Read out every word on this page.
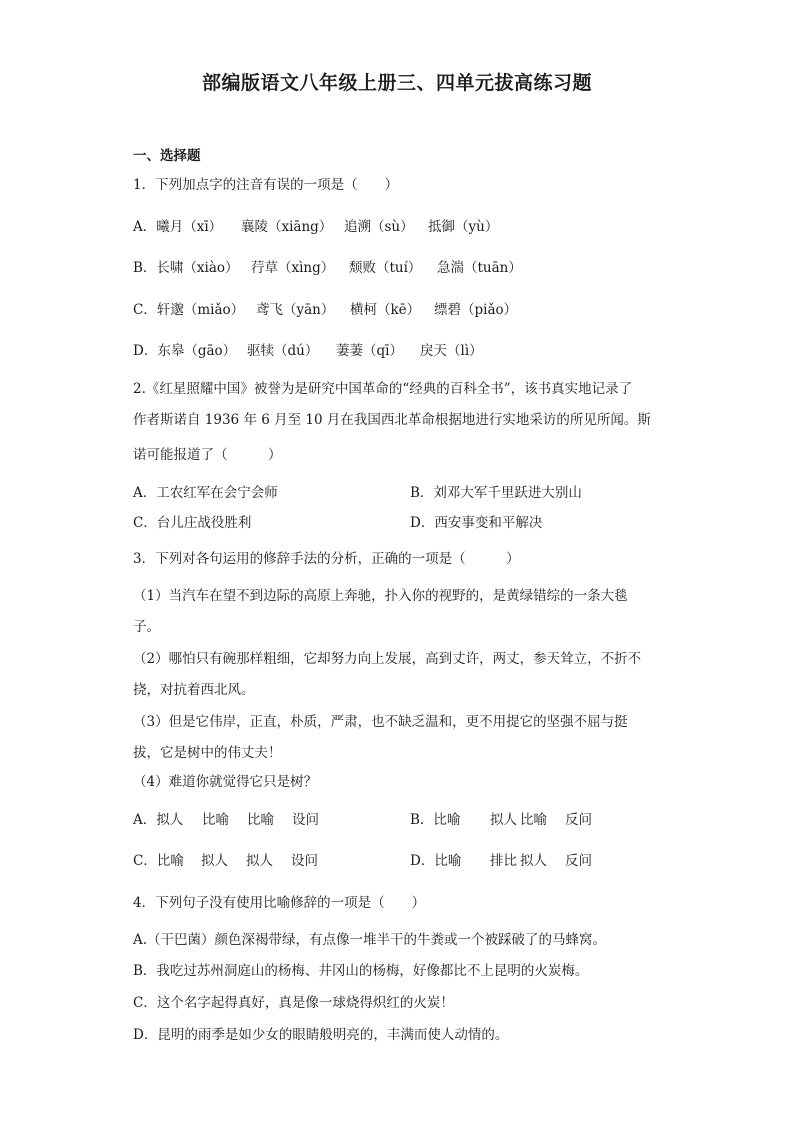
部编版语文八年级上册三、四单元拔高练习题
一、选择题
1．下列加点字的注音有误的一项是（　　）
A．曦月（xī） 襄陵（xiāng） 追溯（sù） 抵御（yù）
B．长啸（xiào） 荇草（xìng） 颓败（tuí） 急湍（tuān）
C．轩邈（miǎo） 鸢飞（yān） 横柯（kē） 缥碧（piǎo）
D．东皋（gāo） 驱犊（dú） 萋萋（qī） 戾天（lì）
2.《红星照耀中国》被誉为是研究中国革命的“经典的百科全书”，该书真实地记录了
作者斯诺自 1936 年 6 月至 10 月在我国西北革命根据地进行实地采访的所见所闻。斯
诺可能报道了（　　　）
A．工农红军在会宁会师	B．刘邓大军千里跃进大别山
C．台儿庄战役胜利	D．西安事变和平解决
3．下列对各句运用的修辞手法的分析，正确的一项是（　　　）
（1）当汽车在望不到边际的高原上奔驰，扑入你的视野的，是黄绿错综的一条大毯
子。
（2）哪怕只有碗那样粗细，它却努力向上发展，高到丈许，两丈，参天耸立，不折不
挠，对抗着西北风。
（3）但是它伟岸，正直，朴质，严肃，也不缺乏温和，更不用提它的坚强不屈与挺
拔，它是树中的伟丈夫！
（4）难道你就觉得它只是树？
A．拟人 比喻 比喻 设问	B．比喻 拟人 比喻 反问
C．比喻 拟人 拟人 设问	D．比喻 排比 拟人 反问
4．下列句子没有使用比喻修辞的一项是（　　）
A.（干巴菌）颜色深褐带绿，有点像一堆半干的牛粪或一个被踩破了的马蜂窝。
B．我吃过苏州洞庭山的杨梅、井冈山的杨梅，好像都比不上昆明的火炭梅。
C．这个名字起得真好，真是像一球烧得炽红的火炭！
D．昆明的雨季是如少女的眼睛般明亮的，丰满而使人动情的。
